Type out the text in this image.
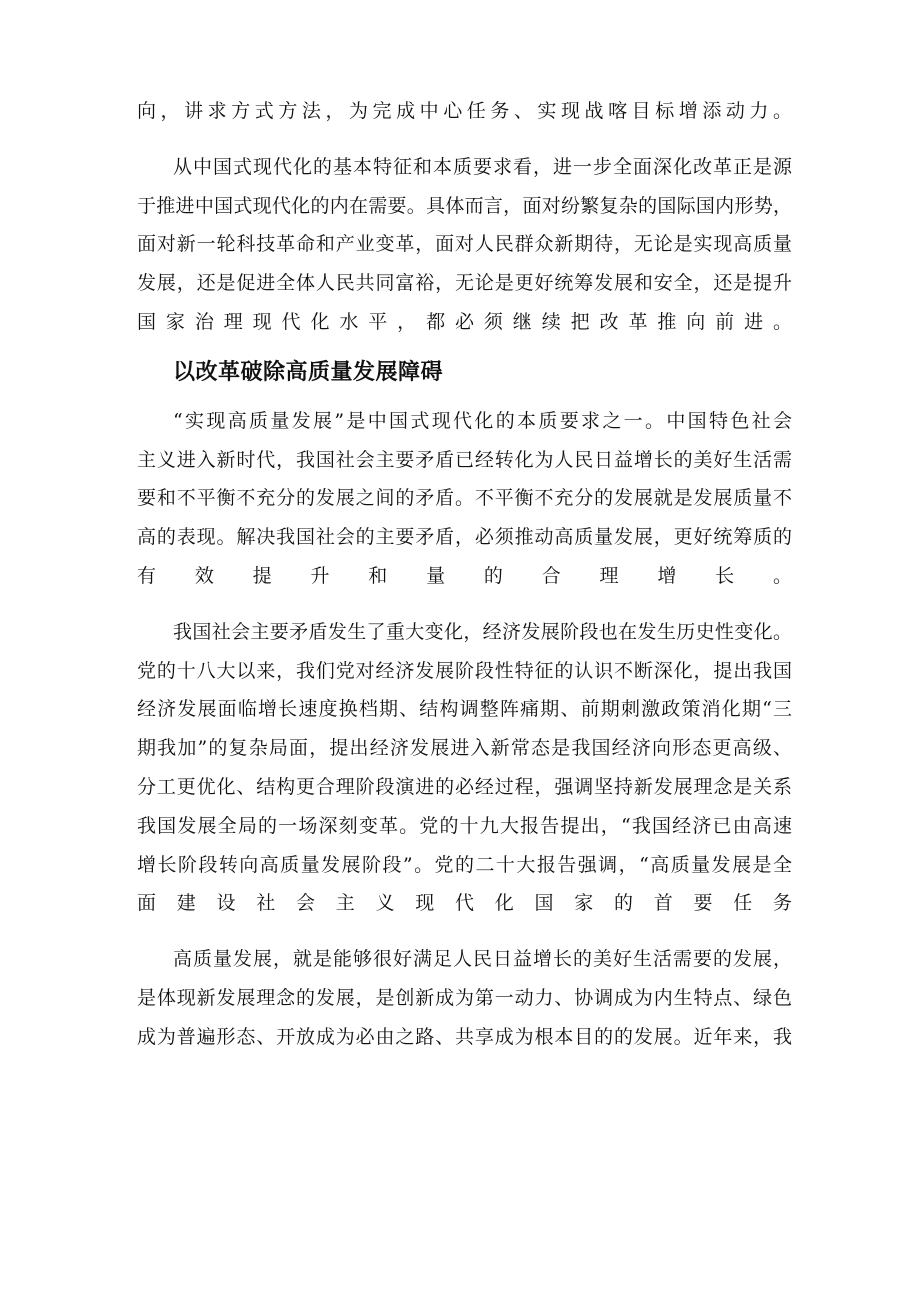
向，讲求方式方法，为完成中心任务、实现战喀目标增添动力。
从中国式现代化的基本特征和本质要求看，进一步全面深化改革正是源
于推进中国式现代化的内在需要。具体而言，面对纷繁复杂的国际国内形势，
面对新一轮科技革命和产业变革，面对人民群众新期待，无论是实现高质量
发展，还是促进全体人民共同富裕，无论是更好统筹发展和安全，还是提升
国家治理现代化水平，都必须继续把改革推向前进。
以改革破除高质量发展障碍
“实现高质量发展”是中国式现代化的本质要求之一。中国特色社会
主义进入新时代，我国社会主要矛盾已经转化为人民日益增长的美好生活需
要和不平衡不充分的发展之间的矛盾。不平衡不充分的发展就是发展质量不
高的表现。解决我国社会的主要矛盾，必须推动高质量发展，更好统筹质的
有效提升和量的合理增长。
我国社会主要矛盾发生了重大变化，经济发展阶段也在发生历史性变化。
党的十八大以来，我们党对经济发展阶段性特征的认识不断深化，提出我国
经济发展面临增长速度换档期、结构调整阵痛期、前期刺激政策消化期“三
期我加”的复杂局面，提出经济发展进入新常态是我国经济向形态更高级、
分工更优化、结构更合理阶段演进的必经过程，强调坚持新发展理念是关系
我国发展全局的一场深刻变革。党的十九大报告提出，“我国经济已由高速
增长阶段转向高质量发展阶段”。党的二十大报告强调，“高质量发展是全
面建设社会主义现代化国家的首要任务
高质量发展，就是能够很好满足人民日益增长的美好生活需要的发展，
是体现新发展理念的发展，是创新成为第一动力、协调成为内生特点、绿色
成为普遍形态、开放成为必由之路、共享成为根本目的的发展。近年来，我
